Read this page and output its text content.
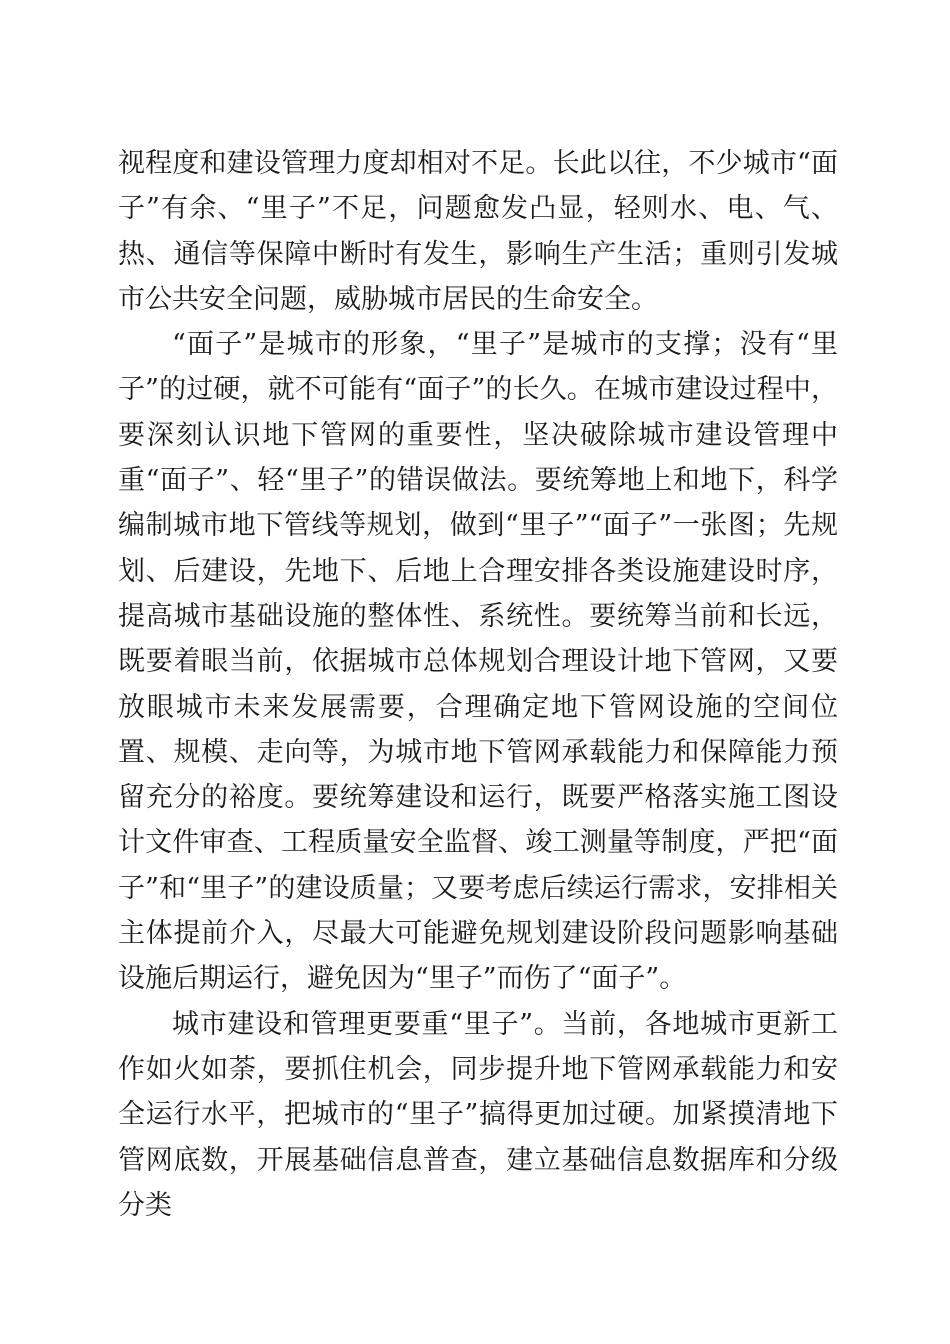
视程度和建设管理力度却相对不足。长此以往，不少城市“面子”有余、“里子”不足，问题愈发凸显，轻则水、电、气、热、通信等保障中断时有发生，影响生产生活；重则引发城市公共安全问题，威胁城市居民的生命安全。

“面子”是城市的形象，“里子”是城市的支撑；没有“里子”的过硬，就不可能有“面子”的长久。在城市建设过程中，要深刻认识地下管网的重要性，坚决破除城市建设管理中重“面子”、轻“里子”的错误做法。要统筹地上和地下，科学编制城市地下管线等规划，做到“里子”“面子”一张图；先规划、后建设，先地下、后地上合理安排各类设施建设时序，提高城市基础设施的整体性、系统性。要统筹当前和长远，既要着眼当前，依据城市总体规划合理设计地下管网，又要放眼城市未来发展需要，合理确定地下管网设施的空间位置、规模、走向等，为城市地下管网承载能力和保障能力预留充分的裕度。要统筹建设和运行，既要严格落实施工图设计文件审查、工程质量安全监督、竣工测量等制度，严把“面子”和“里子”的建设质量；又要考虑后续运行需求，安排相关主体提前介入，尽最大可能避免规划建设阶段问题影响基础设施后期运行，避免因为“里子”而伤了“面子”。

城市建设和管理更要重“里子”。当前，各地城市更新工作如火如荼，要抓住机会，同步提升地下管网承载能力和安全运行水平，把城市的“里子”搞得更加过硬。加紧摸清地下管网底数，开展基础信息普查，建立基础信息数据库和分级分类
